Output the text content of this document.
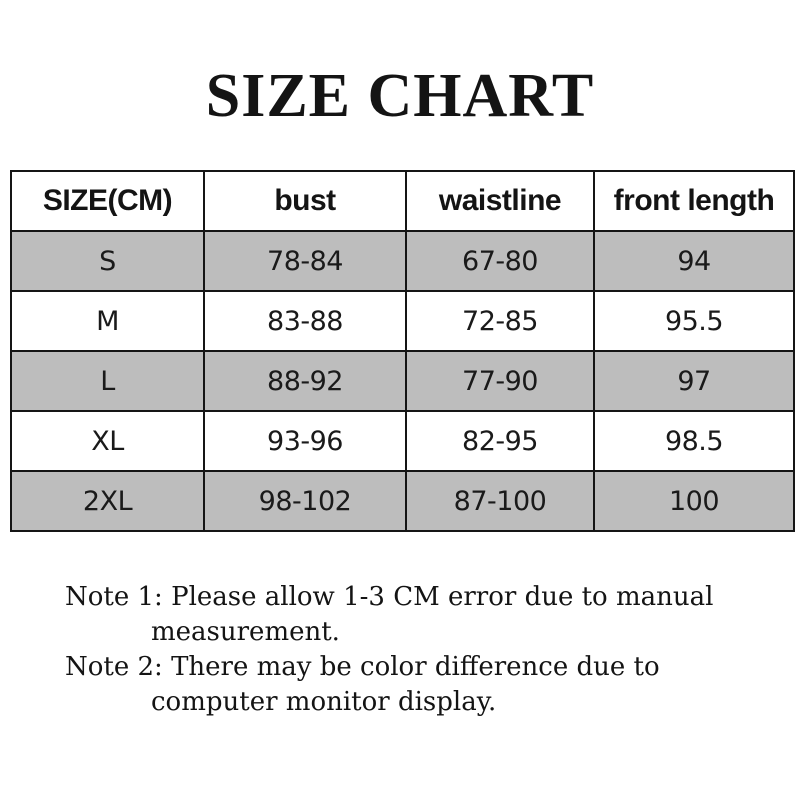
SIZE CHART
SIZE(CM)	bust	waistline	front length
S	78-84	67-80	94
M	83-88	72-85	95.5
L	88-92	77-90	97
XL	93-96	82-95	98.5
2XL	98-102	87-100	100
Note 1: Please allow 1-3 CM error due to manual
measurement.
Note 2: There may be color difference due to
computer monitor display.
